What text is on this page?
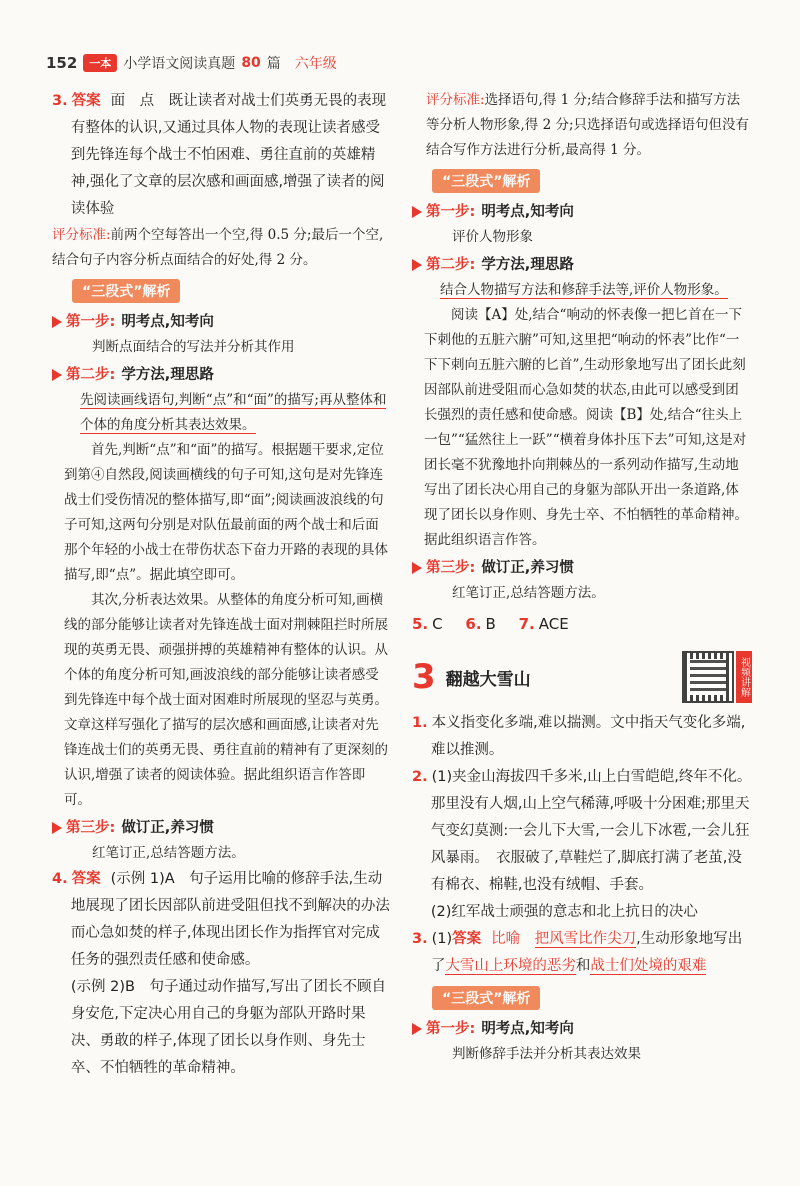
152	一本 小学语文阅读真题 80 篇 六年级

3. 答案 面　点　既让读者对战士们英勇无畏的表现有整体的认识,又通过具体人物的表现让读者感受到先锋连每个战士不怕困难、勇往直前的英雄精神,强化了文章的层次感和画面感,增强了读者的阅读体验

评分标准:前两个空每答出一个空,得 0.5 分;最后一个空,结合句子内容分析点面结合的好处,得 2 分。

“三段式”解析
第一步: 明考点,知考向

判断点面结合的写法并分析其作用

第二步: 学方法,理思路

先阅读画线语句,判断“点”和“面”的描写;再从整体和个体的角度分析其表达效果。

首先,判断“点”和“面”的描写。根据题干要求,定位到第④自然段,阅读画横线的句子可知,这句是对先锋连战士们受伤情况的整体描写,即“面”;阅读画波浪线的句子可知,这两句分别是对队伍最前面的两个战士和后面那个年轻的小战士在带伤状态下奋力开路的表现的具体描写,即“点”。据此填空即可。

其次,分析表达效果。从整体的角度分析可知,画横线的部分能够让读者对先锋连战士面对荆棘阻拦时所展现的英勇无畏、顽强拼搏的英雄精神有整体的认识。从个体的角度分析可知,画波浪线的部分能够让读者感受到先锋连中每个战士面对困难时所展现的坚忍与英勇。文章这样写强化了描写的层次感和画面感,让读者对先锋连战士们的英勇无畏、勇往直前的精神有了更深刻的认识,增强了读者的阅读体验。据此组织语言作答即可。

第三步: 做订正,养习惯

红笔订正,总结答题方法。

4. 答案 (示例 1)A　句子运用比喻的修辞手法,生动地展现了团长因部队前进受阻但找不到解决的办法而心急如焚的样子,体现出团长作为指挥官对完成任务的强烈责任感和使命感。

(示例 2)B　句子通过动作描写,写出了团长不顾自身安危,下定决心用自己的身躯为部队开路时果决、勇敢的样子,体现了团长以身作则、身先士卒、不怕牺牲的革命精神。

评分标准:选择语句,得 1 分;结合修辞手法和描写方法等分析人物形象,得 2 分;只选择语句或选择语句但没有结合写作方法进行分析,最高得 1 分。

“三段式”解析
第一步: 明考点,知考向

评价人物形象

第二步: 学方法,理思路

结合人物描写方法和修辞手法等,评价人物形象。

阅读【A】处,结合“响动的怀表像一把匕首在一下下刺他的五脏六腑”可知,这里把“响动的怀表”比作“一下下刺向五脏六腑的匕首”,生动形象地写出了团长此刻因部队前进受阻而心急如焚的状态,由此可以感受到团长强烈的责任感和使命感。阅读【B】处,结合“往头上一包”“猛然往上一跃”“横着身体扑压下去”可知,这是对团长毫不犹豫地扑向荆棘丛的一系列动作描写,生动地写出了团长决心用自己的身躯为部队开出一条道路,体现了团长以身作则、身先士卒、不怕牺牲的革命精神。据此组织语言作答。

第三步: 做订正,养习惯

红笔订正,总结答题方法。

5. C 6. B 7. ACE
3 翻越大雪山	视频讲解

1. 本义指变化多端,难以揣测。文中指天气变化多端,难以推测。

2. (1)夹金山海拔四千多米,山上白雪皑皑,终年不化。那里没有人烟,山上空气稀薄,呼吸十分困难;那里天气变幻莫测:一会儿下大雪,一会儿下冰雹,一会儿狂风暴雨。　衣服破了,草鞋烂了,脚底打满了老茧,没有棉衣、棉鞋,也没有绒帽、手套。

(2)红军战士顽强的意志和北上抗日的决心

3. (1)答案 比喻　 把风雪比作尖刀,生动形象地写出了大雪山上环境的恶劣和战士们处境的艰难

“三段式”解析
第一步: 明考点,知考向

判断修辞手法并分析其表达效果
